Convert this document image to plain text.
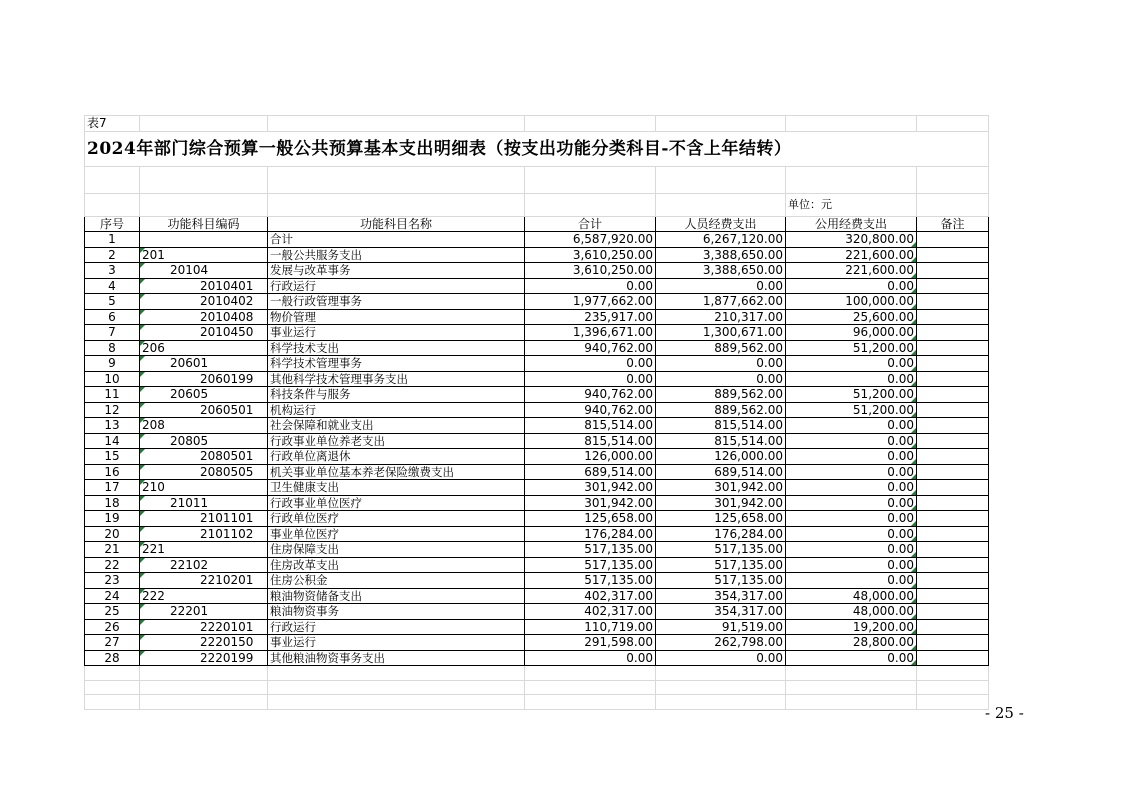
表7						
2024年部门综合预算一般公共预算基本支出明细表（按支出功能分类科目-不含上年结转）						

					单位：元	
序号	功能科目编码	功能科目名称	合计	人员经费支出	公用经费支出	备注
1		合计	6,587,920.00	6,267,120.00	320,800.00	
2	201	一般公共服务支出	3,610,250.00	3,388,650.00	221,600.00	
3	20104	发展与改革事务	3,610,250.00	3,388,650.00	221,600.00	
4	2010401	行政运行	0.00	0.00	0.00	
5	2010402	一般行政管理事务	1,977,662.00	1,877,662.00	100,000.00	
6	2010408	物价管理	235,917.00	210,317.00	25,600.00	
7	2010450	事业运行	1,396,671.00	1,300,671.00	96,000.00	
8	206	科学技术支出	940,762.00	889,562.00	51,200.00	
9	20601	科学技术管理事务	0.00	0.00	0.00	
10	2060199	其他科学技术管理事务支出	0.00	0.00	0.00	
11	20605	科技条件与服务	940,762.00	889,562.00	51,200.00	
12	2060501	机构运行	940,762.00	889,562.00	51,200.00	
13	208	社会保障和就业支出	815,514.00	815,514.00	0.00	
14	20805	行政事业单位养老支出	815,514.00	815,514.00	0.00	
15	2080501	行政单位离退休	126,000.00	126,000.00	0.00	
16	2080505	机关事业单位基本养老保险缴费支出	689,514.00	689,514.00	0.00	
17	210	卫生健康支出	301,942.00	301,942.00	0.00	
18	21011	行政事业单位医疗	301,942.00	301,942.00	0.00	
19	2101101	行政单位医疗	125,658.00	125,658.00	0.00	
20	2101102	事业单位医疗	176,284.00	176,284.00	0.00	
21	221	住房保障支出	517,135.00	517,135.00	0.00	
22	22102	住房改革支出	517,135.00	517,135.00	0.00	
23	2210201	住房公积金	517,135.00	517,135.00	0.00	
24	222	粮油物资储备支出	402,317.00	354,317.00	48,000.00	
25	22201	粮油物资事务	402,317.00	354,317.00	48,000.00	
26	2220101	行政运行	110,719.00	91,519.00	19,200.00	
27	2220150	事业运行	291,598.00	262,798.00	28,800.00	
28	2220199	其他粮油物资事务支出	0.00	0.00	0.00	

- 25 -
